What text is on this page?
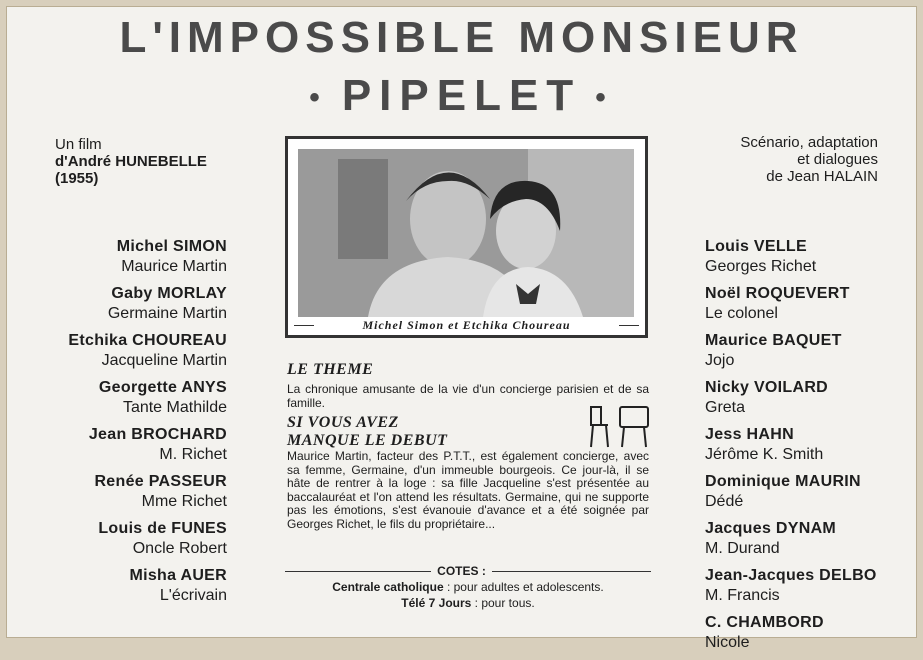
L'IMPOSSIBLE MONSIEUR
• PIPELET •
Un film
d'André HUNEBELLE
(1955)
Scénario, adaptation
et dialogues
de Jean HALAIN
Michel SIMON
Maurice Martin
Gaby MORLAY
Germaine Martin
Etchika CHOUREAU
Jacqueline Martin
Georgette ANYS
Tante Mathilde
Jean BROCHARD
M. Richet
Renée PASSEUR
Mme Richet
Louis de FUNES
Oncle Robert
Misha AUER
L'écrivain
Louis VELLE
Georges Richet
Noël ROQUEVERT
Le colonel
Maurice BAQUET
Jojo
Nicky VOILARD
Greta
Jess HAHN
Jérôme K. Smith
Dominique MAURIN
Dédé
Jacques DYNAM
M. Durand
Jean-Jacques DELBO
M. Francis
C. CHAMBORD
Nicole
Michel Simon et Etchika Choureau
LE THEME
La chronique amusante de la vie d'un concierge parisien et de sa famille.
SI VOUS AVEZ
MANQUE LE DEBUT
Maurice Martin, facteur des P.T.T., est également concierge, avec sa femme, Germaine, d'un immeuble bourgeois. Ce jour-là, il se hâte de rentrer à la loge : sa fille Jacqueline s'est présentée au baccalauréat et l'on attend les résultats. Germaine, qui ne supporte pas les émotions, s'est évanouie d'avance et a été soignée par Georges Richet, le fils du propriétaire...
COTES :
Centrale catholique : pour adultes et adolescents.
Télé 7 Jours : pour tous.
